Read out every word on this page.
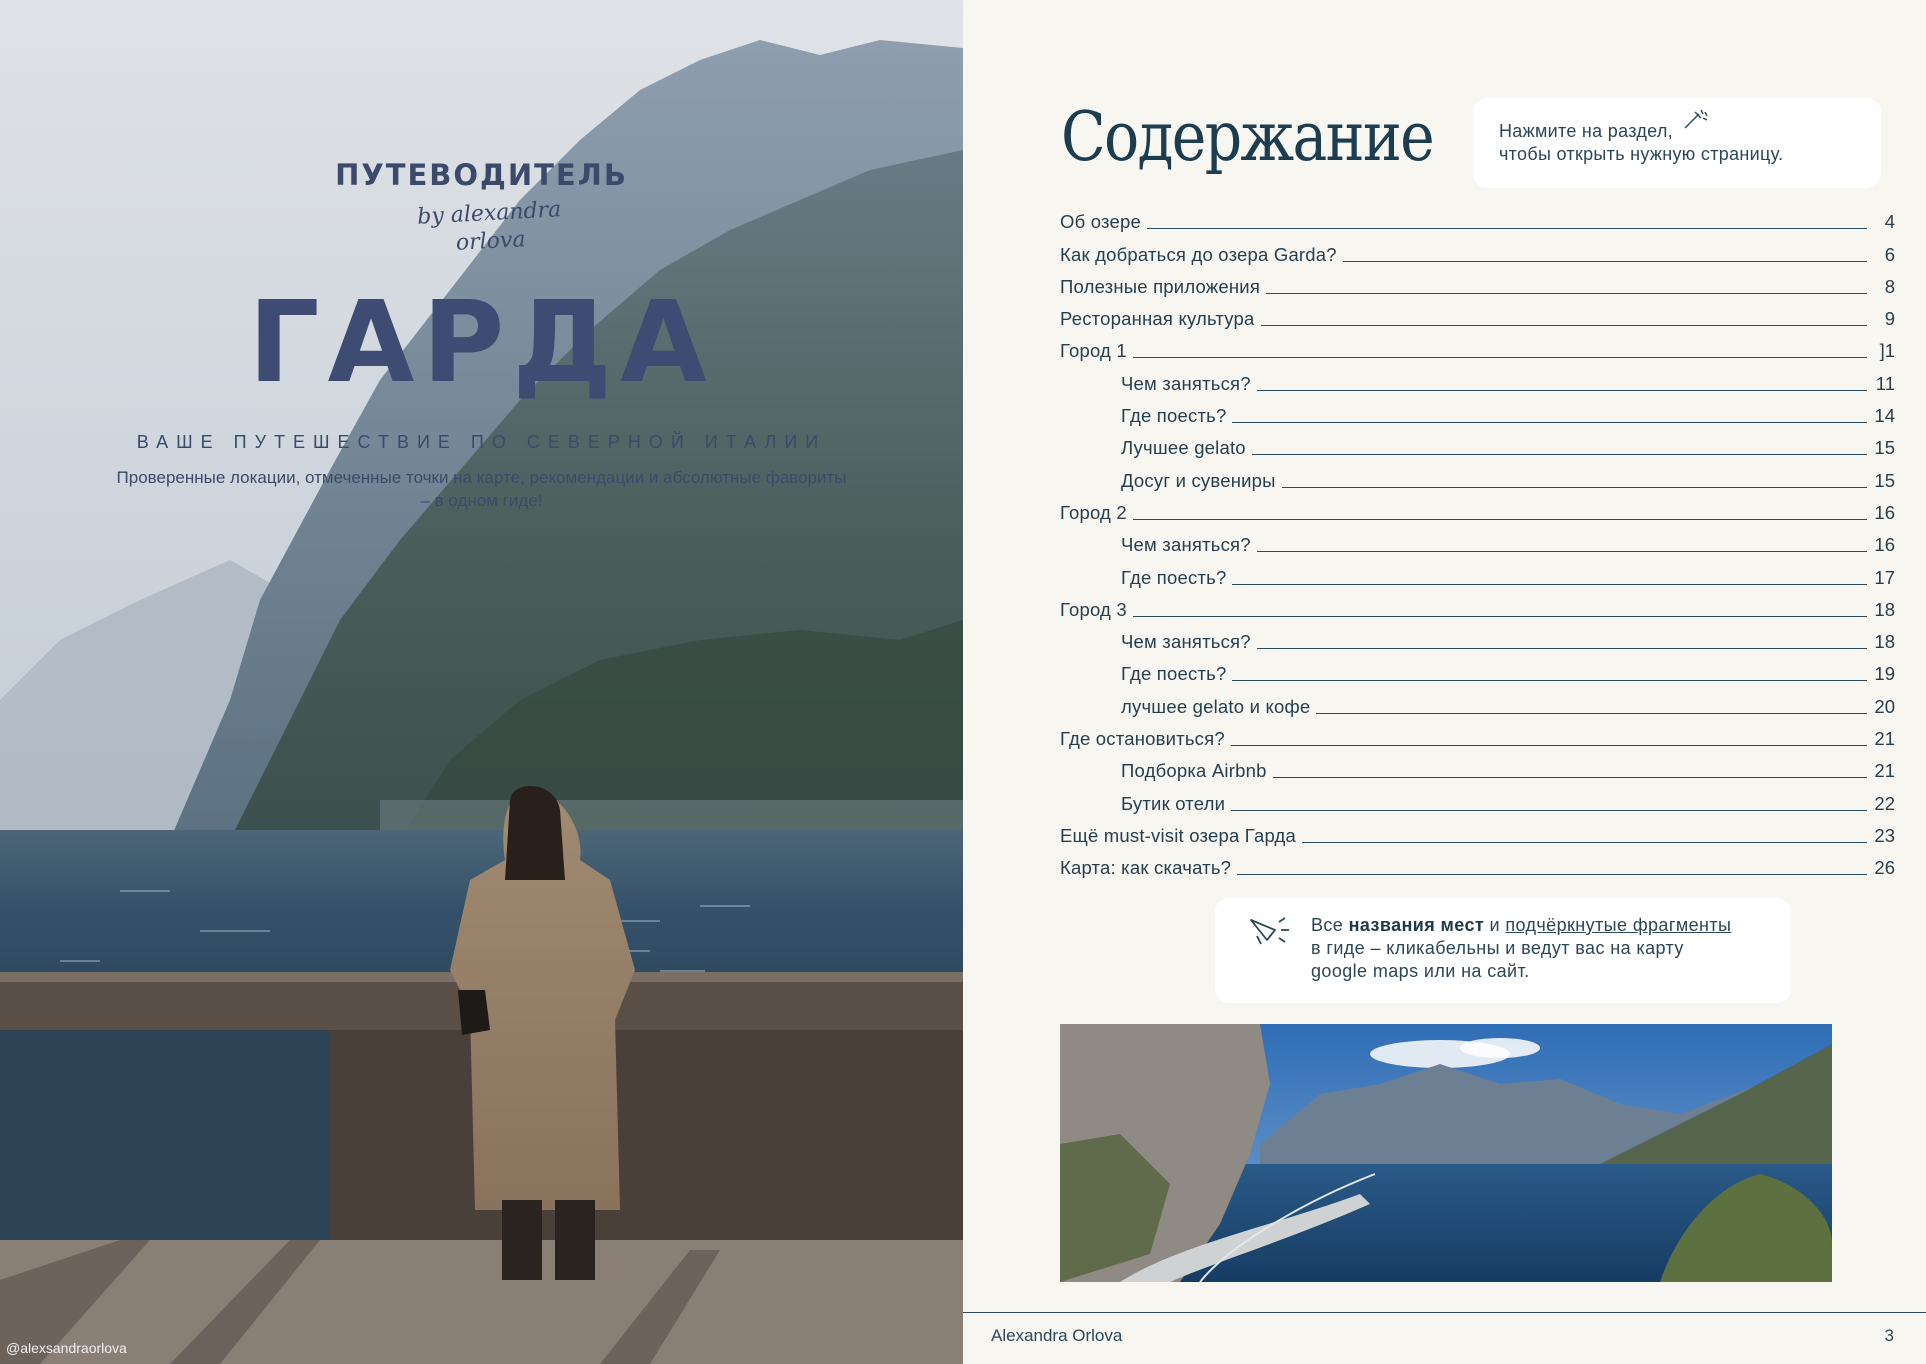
ПУТЕВОДИТЕЛЬ
by alexandra
orlova
ГАРДА
ВАШЕ ПУТЕШЕСТВИЕ ПО СЕВЕРНОЙ ИТАЛИИ
Проверенные локации, отмеченные точки на карте, рекомендации и абсолютные фавориты – в одном гиде!
@alexsandraorlova
Содержание	Нажмите на раздел,
чтобы открыть нужную страницу.
Об озере	4
Как добраться до озера Garda?	6
Полезные приложения	8
Ресторанная культура	9
Город 1	]1
Чем заняться?	11
Где поесть?	14
Лучшее gelato	15
Досуг и сувениры	15
Город 2	16
Чем заняться?	16
Где поесть?	17
Город 3	18
Чем заняться?	18
Где поесть?	19
лучшее gelato и кофе	20
Где остановиться?	21
Подборка Airbnb	21
Бутик отели	22
Ещё must-visit озера Гарда	23
Карта: как скачать?	26
Все названия мест и подчёркнутые фрагменты
в гиде – кликабельны и ведут вас на карту
google maps или на сайт.
Alexandra Orlova	3
